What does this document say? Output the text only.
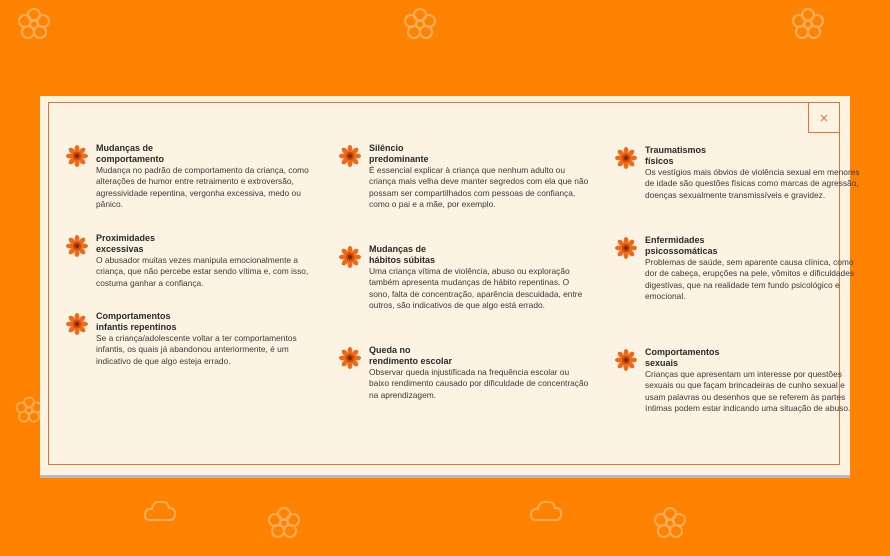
×
Mudanças de
comportamento

Mudança no padrão de comportamento da criança, como alterações de humor entre retraimento e extroversão, agressividade repentina, vergonha excessiva, medo ou pânico.

Proximidades
excessivas

O abusador muitas vezes manipula emocionalmente a criança, que não percebe estar sendo vítima e, com isso, costuma ganhar a confiança.

Comportamentos
infantis repentinos

Se a criança/adolescente voltar a ter comportamentos infantis, os quais já abandonou anteriormente, é um indicativo de que algo esteja errado.

Silêncio
predominante

É essencial explicar à criança que nenhum adulto ou criança mais velha deve manter segredos com ela que não possam ser compartilhados com pessoas de confiança, como o pai e a mãe, por exemplo.

Mudanças de
hábitos súbitas

Uma criança vítima de violência, abuso ou exploração também apresenta mudanças de hábito repentinas. O sono, falta de concentração, aparência descuidada, entre outros, são indicativos de que algo está errado.

Queda no
rendimento escolar

Observar queda injustificada na frequência escolar ou baixo rendimento causado por dificuldade de concentração na aprendizagem.

Traumatismos
físicos

Os vestígios mais óbvios de violência sexual em menores de idade são questões físicas como marcas de agressão, doenças sexualmente transmissíveis e gravidez.

Enfermidades
psicossomáticas

Problemas de saúde, sem aparente causa clínica, como dor de cabeça, erupções na pele, vômitos e dificuldades digestivas, que na realidade tem fundo psicológico e emocional.

Comportamentos
sexuais

Crianças que apresentam um interesse por questões sexuais ou que façam brincadeiras de cunho sexual e usam palavras ou desenhos que se referem às partes íntimas podem estar indicando uma situação de abuso.
